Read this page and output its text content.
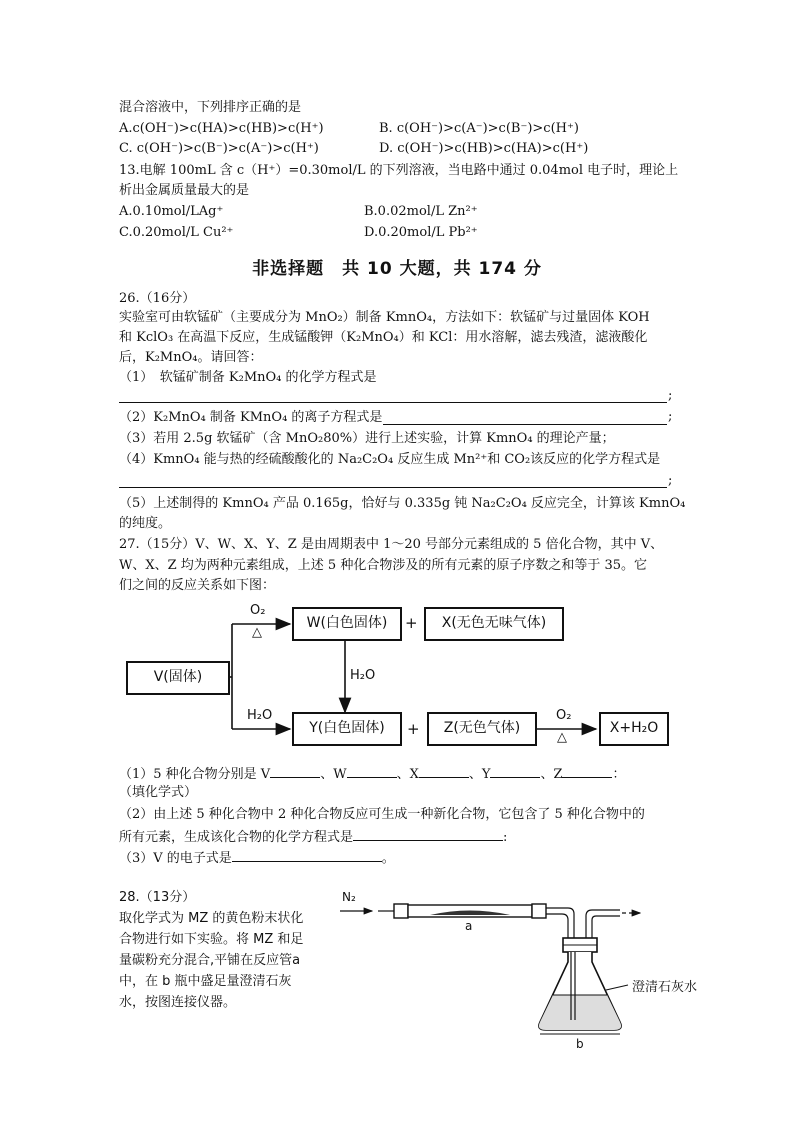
混合溶液中，下列排序正确的是
A.c(OH⁻)>c(HA)>c(HB)>c(H⁺)	B. c(OH⁻)>c(A⁻)>c(B⁻)>c(H⁺)
C. c(OH⁻)>c(B⁻)>c(A⁻)>c(H⁺)	D. c(OH⁻)>c(HB)>c(HA)>c(H⁺)
13.电解 100mL 含 c（H⁺）=0.30mol/L 的下列溶液，当电路中通过 0.04mol 电子时，理论上
析出金属质量最大的是
A.0.10mol/LAg⁺	B.0.02mol/L Zn²⁺
C.0.20mol/L Cu²⁺	D.0.20mol/L Pb²⁺
非选择题　共 10 大题，共 174 分
26.（16分）
实验室可由软锰矿（主要成分为 MnO₂）制备 KmnO₄，方法如下：软锰矿与过量固体 KOH
和 KclO₃ 在高温下反应，生成锰酸钾（K₂MnO₄）和 KCl：用水溶解，滤去残渣，滤液酸化
后，K₂MnO₄。请回答：
（1）　软锰矿制备 K₂MnO₄ 的化学方程式是
;
（2）K₂MnO₄ 制备 KMnO₄ 的离子方程式是	;
（3）若用 2.5g 软锰矿（含 MnO₂80%）进行上述实验，计算 KmnO₄ 的理论产量；
（4）KmnO₄ 能与热的经硫酸酸化的 Na₂C₂O₄ 反应生成 Mn²⁺和 CO₂该反应的化学方程式是
;
（5）上述制得的 KmnO₄ 产品 0.165g，恰好与 0.335g 钝 Na₂C₂O₄ 反应完全，计算该 KmnO₄
的纯度。
27.（15分）V、W、X、Y、Z 是由周期表中 1～20 号部分元素组成的 5 倍化合物，其中 V、
W、X、Z 均为两种元素组成，上述 5 种化合物涉及的所有元素的原子序数之和等于 35。它
们之间的反应关系如下图：
V(固体)
W(白色固体)	+	X(无色无味气体)
Y(白色固体)	+	Z(无色气体)	X+H₂O
O₂
△
H₂O
H₂O	O₂
△
（1）5 种化合物分别是 V	、W	、X	、Y	、Z	：
（填化学式）
（2）由上述 5 种化合物中 2 种化合物反应可生成一种新化合物，它包含了 5 种化合物中的
所有元素，生成该化合物的化学方程式是	:
（3）V 的电子式是	。
28.（13分）
取化学式为 MZ 的黄色粉末状化
合物进行如下实验。将 MZ 和足
量碳粉充分混合,平铺在反应管a
中，在 b 瓶中盛足量澄清石灰
水，按图连接仪器。
N₂
a
b
澄清石灰水
